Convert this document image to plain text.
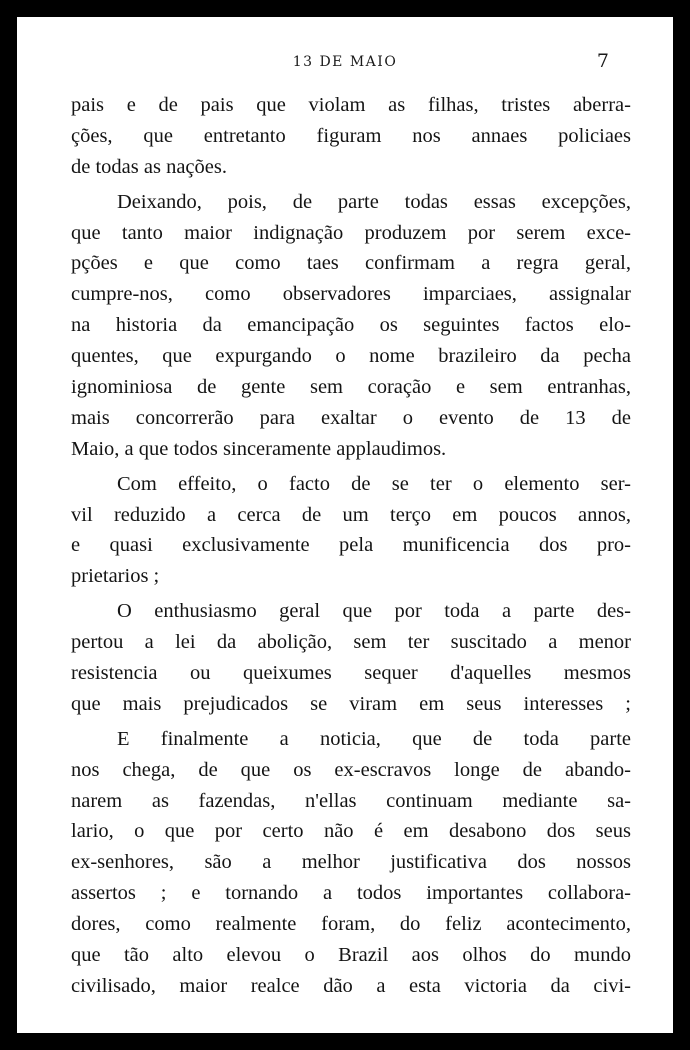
13 DE MAIO	7
pais e de pais que violam as filhas, tristes aberra-
ções, que entretanto figuram nos annaes policiaes
de todas as nações.
Deixando, pois, de parte todas essas excepções,
que tanto maior indignação produzem por serem exce-
pções e que como taes confirmam a regra geral,
cumpre-nos, como observadores imparciaes, assignalar
na historia da emancipação os seguintes factos elo-
quentes, que expurgando o nome brazileiro da pecha
ignominiosa de gente sem coração e sem entranhas,
mais concorrerão para exaltar o evento de 13 de
Maio, a que todos sinceramente applaudimos.
Com effeito, o facto de se ter o elemento ser-
vil reduzido a cerca de um terço em poucos annos,
e quasi exclusivamente pela munificencia dos pro-
prietarios ;
O enthusiasmo geral que por toda a parte des-
pertou a lei da abolição, sem ter suscitado a menor
resistencia ou queixumes sequer d'aquelles mesmos
que mais prejudicados se viram em seus interesses ;
E finalmente a noticia, que de toda parte
nos chega, de que os ex-escravos longe de abando-
narem as fazendas, n'ellas continuam mediante sa-
lario, o que por certo não é em desabono dos seus
ex-senhores, são a melhor justificativa dos nossos
assertos ; e tornando a todos importantes collabora-
dores, como realmente foram, do feliz acontecimento,
que tão alto elevou o Brazil aos olhos do mundo
civilisado, maior realce dão a esta victoria da civi-
